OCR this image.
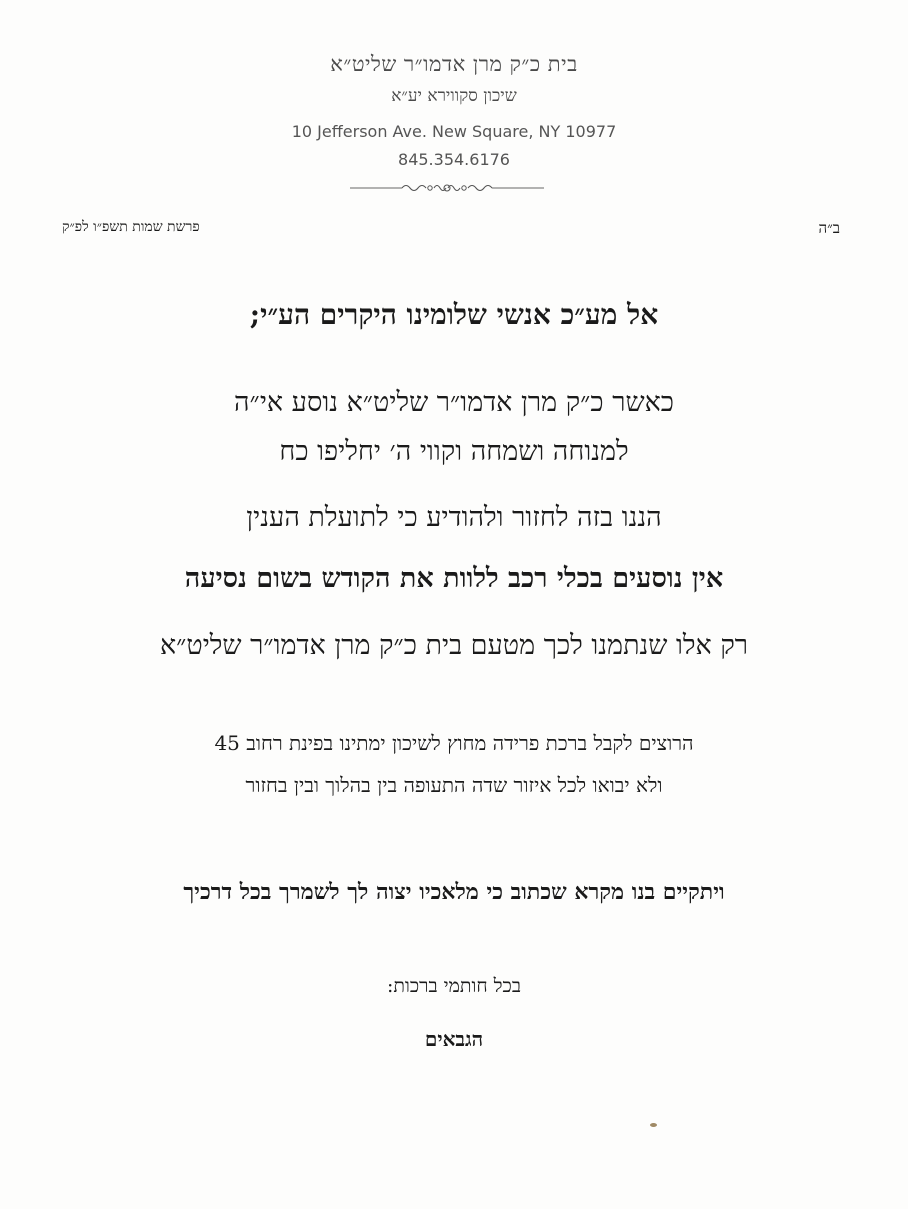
בית כ״ק מרן אדמו״ר שליט״א
שיכון סקווירא יע״א
10 Jefferson Ave. New Square, NY 10977
845.354.6176
ב״ה
פרשת שמות תשפ״ו לפ״ק
אל מע״כ אנשי שלומינו היקרים הע״י;
כאשר כ״ק מרן אדמו״ר שליט״א נוסע אי״ה
למנוחה ושמחה וקווי ה׳ יחליפו כח
הננו בזה לחזור ולהודיע כי לתועלת הענין
אין נוסעים בכלי רכב ללוות את הקודש בשום נסיעה
רק אלו שנתמנו לכך מטעם בית כ״ק מרן אדמו״ר שליט״א
הרוצים לקבל ברכת פרידה מחוץ לשיכון ימתינו בפינת רחוב 45
ולא יבואו לכל איזור שדה התעופה בין בהלוך ובין בחזור
ויתקיים בנו מקרא שכתוב כי מלאכיו יצוה לך לשמרך בכל דרכיך
בכל חותמי ברכות:
הגבאים
